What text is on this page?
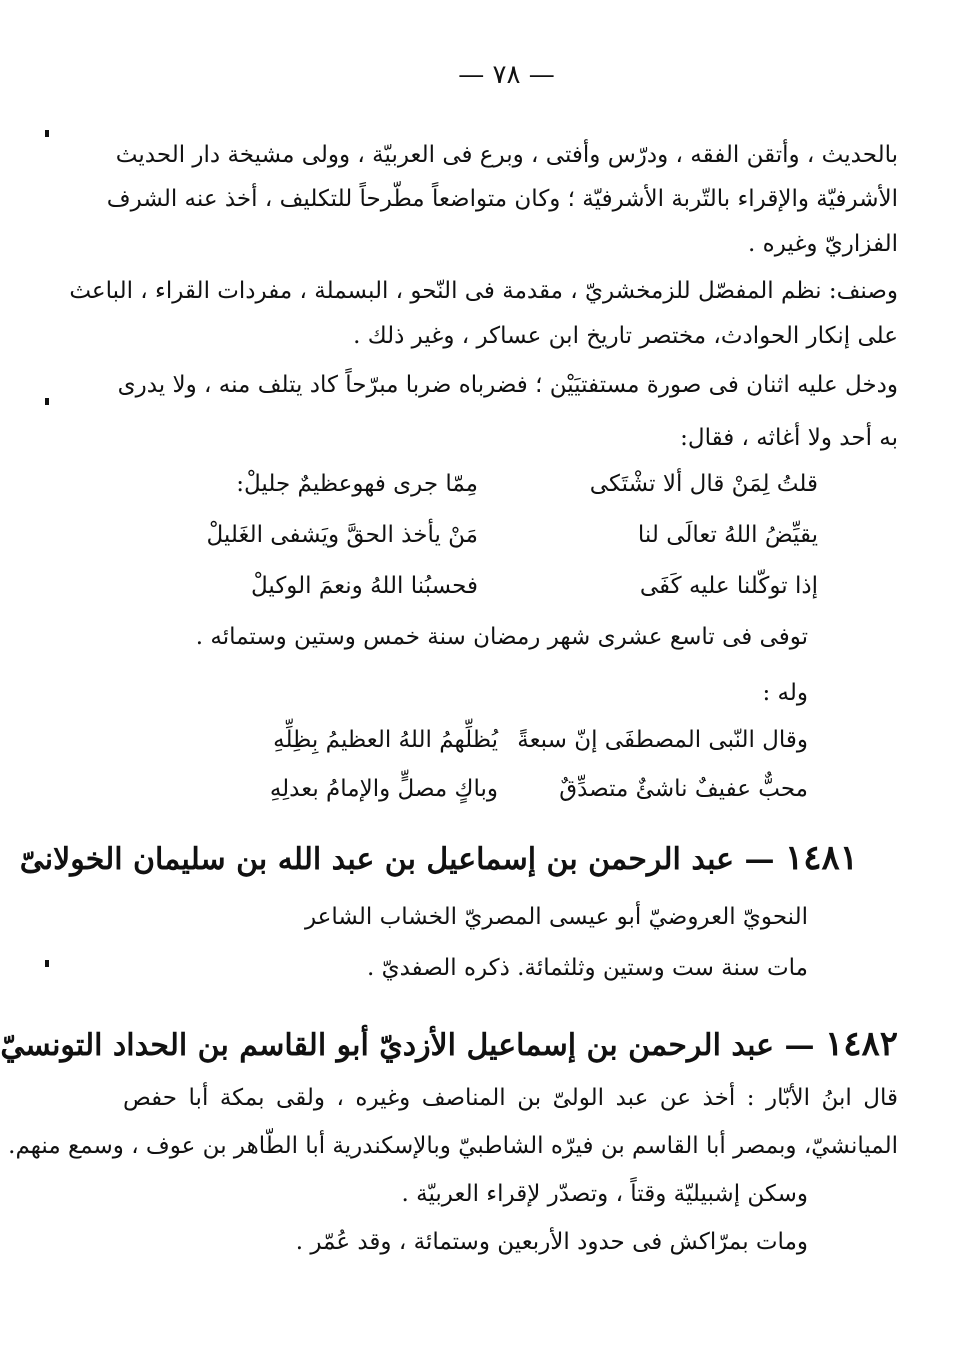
— ٧٨ —
بالحديث ، وأتقن الفقه ، ودرّس وأفتى ، وبرع فى العربيّة ، وولى مشيخة دار الحديث
الأشرفيّة والإقراء بالتّربة الأشرفيّة ؛ وكان متواضعاً مطّرحاً للتكليف ، أخذ عنه الشرف
الفزاريّ وغيره .
وصنف: نظم المفصّل للزمخشريّ ، مقدمة فى النّحو ، البسملة ، مفردات القراء ، الباعث
على إنكار الحوادث، مختصر تاريخ ابن عساكر ، وغير ذلك .
ودخل عليه اثنان فى صورة مستفتيَيْن ؛ فضرباه ضربا مبرّحاً كاد يتلف منه ، ولا يدرى
به أحد ولا أغاثه ، فقال:
قلتُ لِمَنْ قال ألا تشْتَكى
مِمّا جرى فهوعظيمٌ جليلْ:
يقيِّضُ اللهُ تعالَى لنا
مَنْ يأخذ الحقَّ ويَشفى الغَليلْ
إذا توكّلنا عليه كَفَى
فحسبُنا اللهُ ونعمَ الوكيلْ
توفى فى تاسع عشرى شهر رمضان سنة خمس وستين وستمائه .
وله :
وقال النّبى المصطفَى إنّ سبعةً
يُظلِّهمُ اللهُ العظيمُ بِظِلِّهِ
محبٌّ عفيفٌ ناشئٌ متصدِّقٌ
وباكٍ مصلٍّ والإمامُ بعدلِهِ
١٤٨١ — عبد الرحمن بن إسماعيل بن عبد الله بن سليمان الخولانىّ
النحويّ العروضيّ أبو عيسى المصريّ الخشاب الشاعر
مات سنة ست وستين وثلثمائة. ذكره الصفديّ .
١٤٨٢ — عبد الرحمن بن إسماعيل الأزديّ أبو القاسم بن الحداد التونسيّ
قال ابنُ الأبّار : أخذ عن عبد الولىّ بن المناصف وغيره ، ولقى بمكة أبا حفص
الميانشيّ، وبمصر أبا القاسم بن فيرّه الشاطبيّ وبالإسكندرية أبا الطّاهر بن عوف ، وسمع منهم.
وسكن إشبيليّة وقتاً ، وتصدّر لإقراء العربيّة .
ومات بمرّاكش فى حدود الأربعين وستمائة ، وقد عُمّر .
